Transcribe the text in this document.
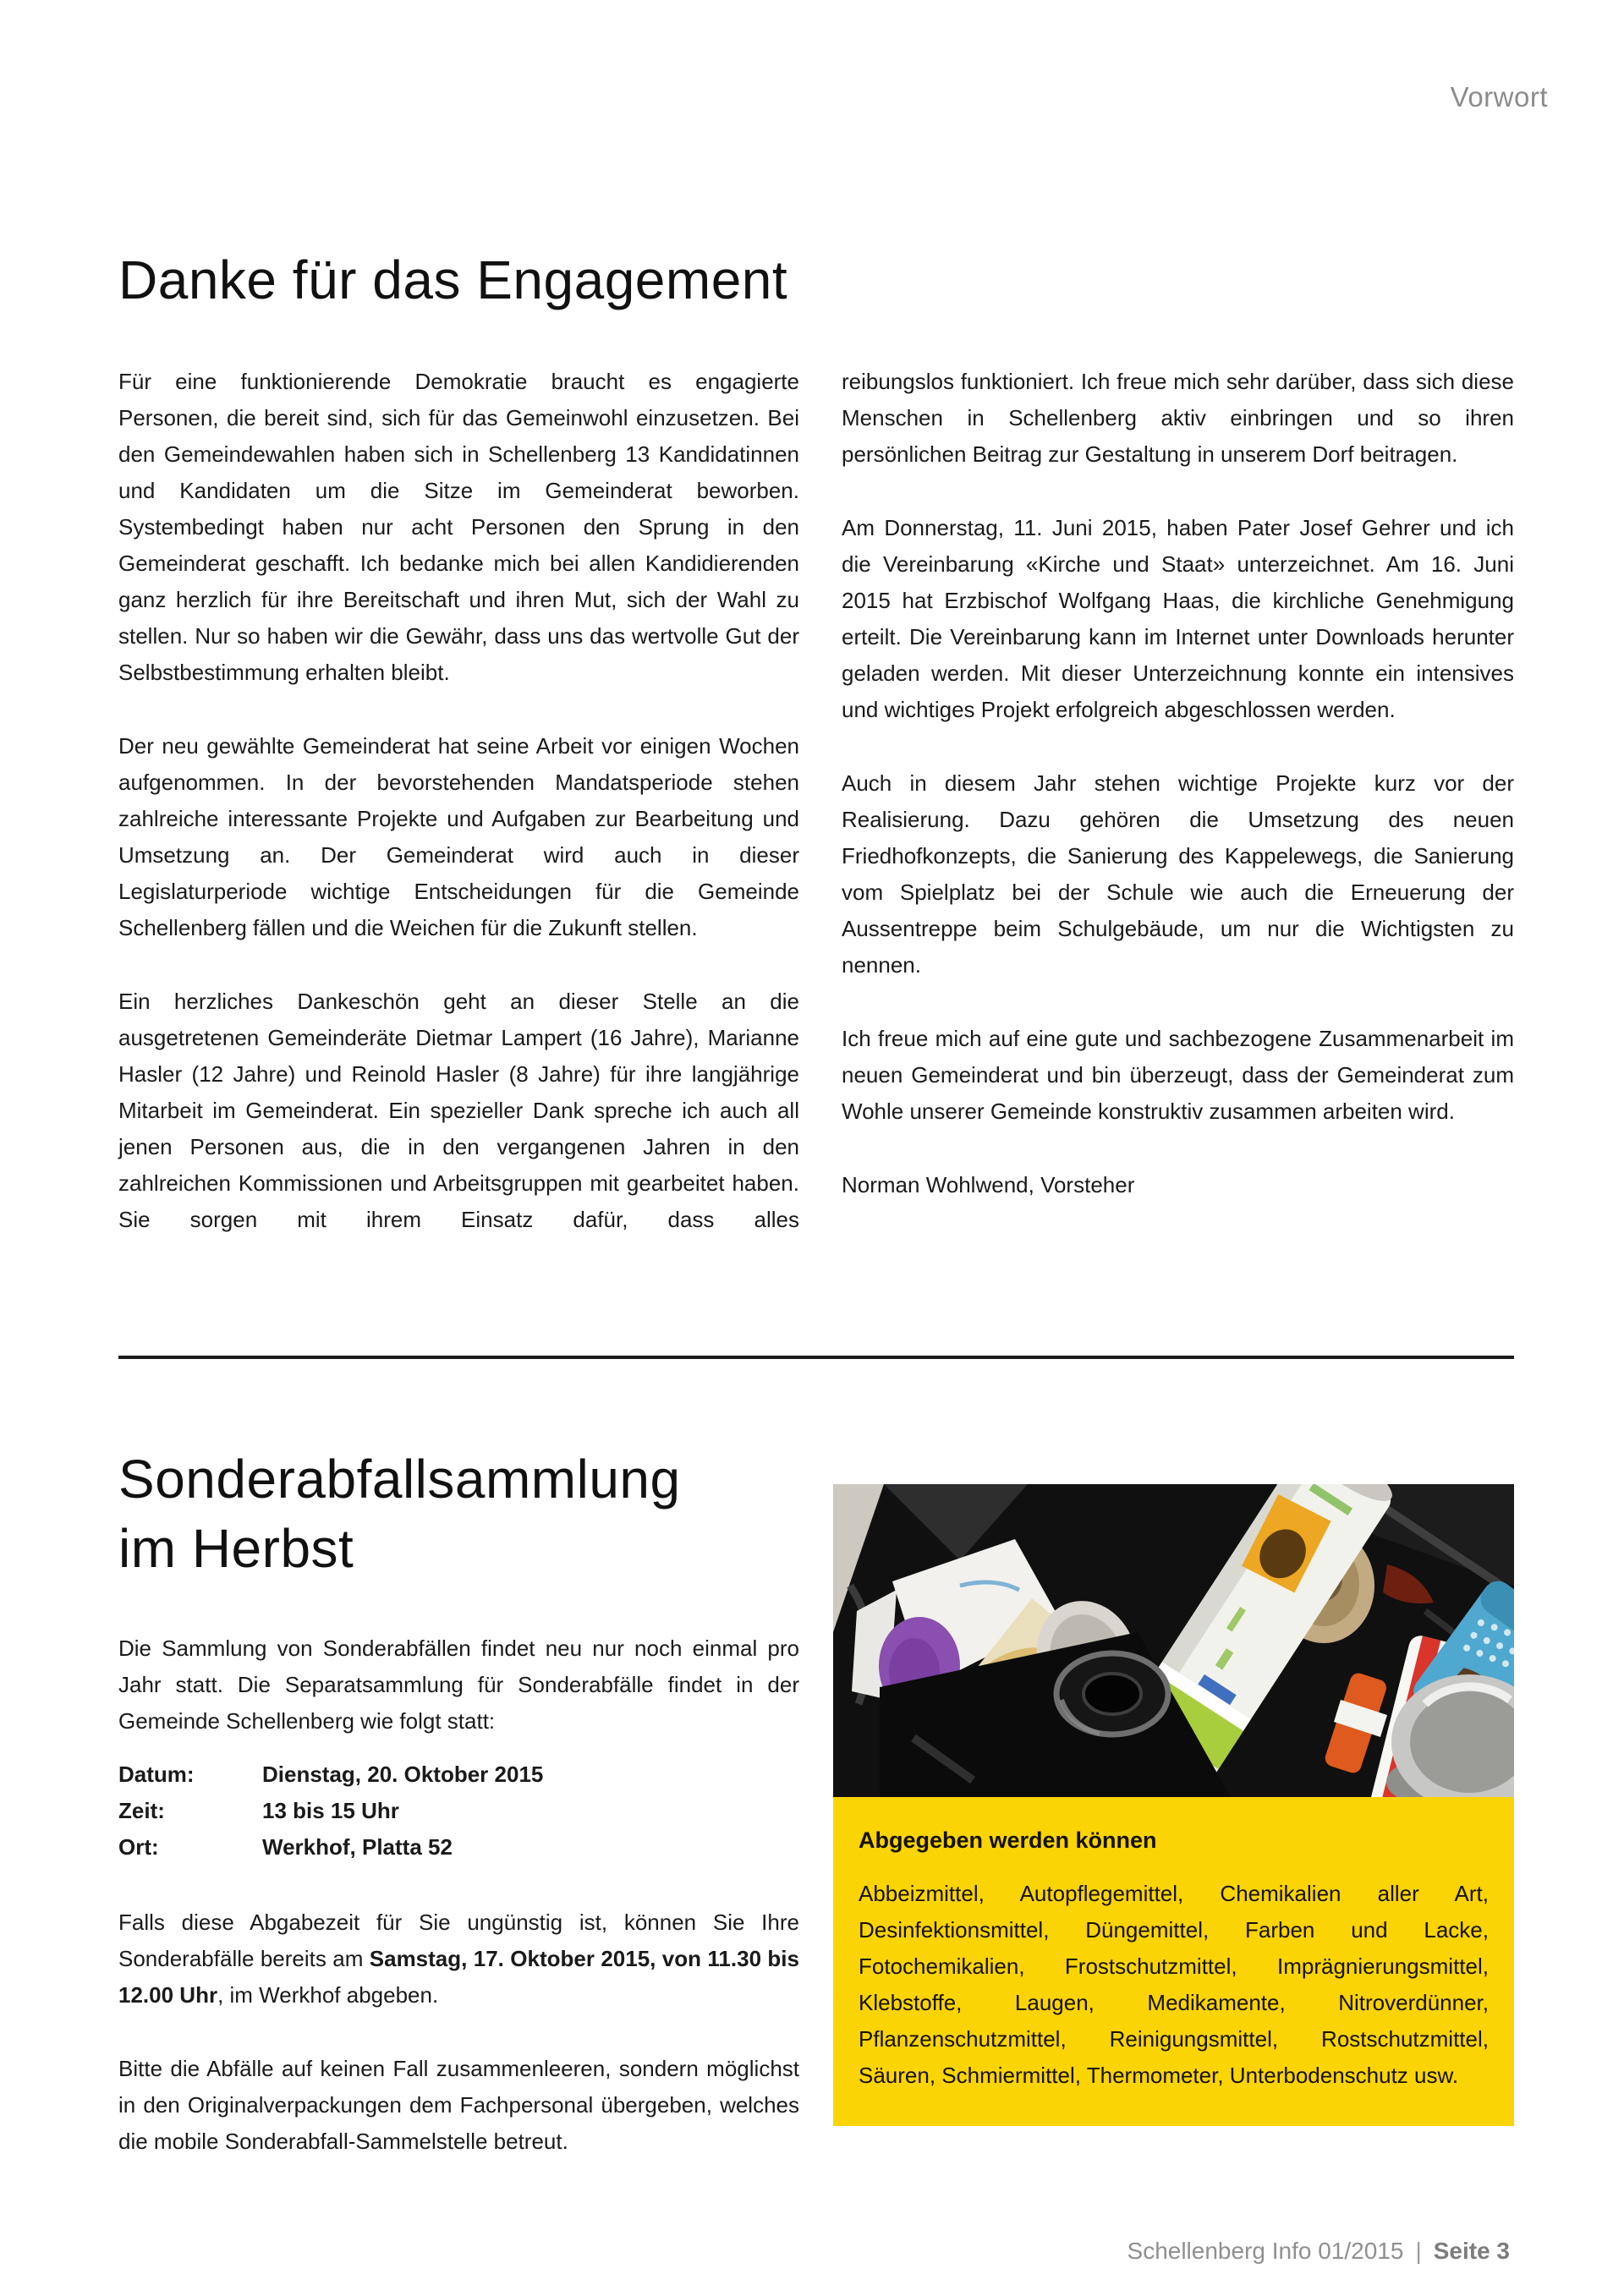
Vorwort
Danke für das Engagement

Für eine funktionierende Demokratie braucht es engagierte Personen, die bereit sind, sich für das Gemeinwohl einzusetzen. Bei den Gemeindewahlen haben sich in Schellenberg 13 Kandidatinnen und Kandidaten um die Sitze im Gemeinderat beworben. Systembedingt haben nur acht Personen den Sprung in den Gemeinderat geschafft. Ich bedanke mich bei allen Kandidierenden ganz herzlich für ihre Bereitschaft und ihren Mut, sich der Wahl zu stellen. Nur so haben wir die Gewähr, dass uns das wertvolle Gut der Selbstbestimmung erhalten bleibt.

Der neu gewählte Gemeinderat hat seine Arbeit vor einigen Wochen aufgenommen. In der bevorstehenden Mandatsperiode stehen zahlreiche interessante Projekte und Aufgaben zur Bearbeitung und Umsetzung an. Der Gemeinderat wird auch in dieser Legislaturperiode wichtige Entscheidungen für die Gemeinde Schellenberg fällen und die Weichen für die Zukunft stellen.

Ein herzliches Dankeschön geht an dieser Stelle an die ausgetretenen Gemeinderäte Dietmar Lampert (16 Jahre), Marianne Hasler (12 Jahre) und Reinold Hasler (8 Jahre) für ihre langjährige Mitarbeit im Gemeinderat. Ein spezieller Dank spreche ich auch all jenen Personen aus, die in den vergangenen Jahren in den zahlreichen Kommissionen und Arbeitsgruppen mit gearbeitet haben. Sie sorgen mit ihrem Einsatz dafür, dass alles

reibungslos funktioniert. Ich freue mich sehr darüber, dass sich diese Menschen in Schellenberg aktiv einbringen und so ihren persönlichen Beitrag zur Gestaltung in unserem Dorf beitragen.

Am Donnerstag, 11. Juni 2015, haben Pater Josef Gehrer und ich die Vereinbarung «Kirche und Staat» unterzeichnet. Am 16. Juni 2015 hat Erzbischof Wolfgang Haas, die kirchliche Genehmigung erteilt. Die Vereinbarung kann im Internet unter Downloads herunter geladen werden. Mit dieser Unterzeichnung konnte ein intensives und wichtiges Projekt erfolgreich abgeschlossen werden.

Auch in diesem Jahr stehen wichtige Projekte kurz vor der Realisierung. Dazu gehören die Umsetzung des neuen Friedhofkonzepts, die Sanierung des Kappelewegs, die Sanierung vom Spielplatz bei der Schule wie auch die Erneuerung der Aussentreppe beim Schulgebäude, um nur die Wichtigsten zu nennen.

Ich freue mich auf eine gute und sachbezogene Zusammenarbeit im neuen Gemeinderat und bin überzeugt, dass der Gemeinderat zum Wohle unserer Gemeinde konstruktiv zusammen arbeiten wird.

Norman Wohlwend, Vorsteher
Sonderabfallsammlung
im Herbst

Die Sammlung von Sonderabfällen findet neu nur noch einmal pro Jahr statt. Die Separatsammlung für Sonderabfälle findet in der Gemeinde Schellenberg wie folgt statt:

Datum:	Dienstag, 20. Oktober 2015
Zeit:	13 bis 15 Uhr
Ort:	Werkhof, Platta 52

Falls diese Abgabezeit für Sie ungünstig ist, können Sie Ihre Sonderabfälle bereits am Samstag, 17. Oktober 2015, von 11.30 bis 12.00 Uhr, im Werkhof abgeben.

Bitte die Abfälle auf keinen Fall zusammenleeren, sondern möglichst in den Originalverpackungen dem Fachpersonal übergeben, welches die mobile Sonderabfall-Sammelstelle betreut.

Abgegeben werden können

Abbeizmittel, Autopflegemittel, Chemikalien aller Art, Desinfektionsmittel, Düngemittel, Farben und Lacke, Fotochemikalien, Frostschutzmittel, Imprägnierungsmittel, Klebstoffe, Laugen, Medikamente, Nitroverdünner, Pflanzenschutzmittel, Reinigungsmittel, Rostschutzmittel, Säuren, Schmiermittel, Thermometer, Unterbodenschutz usw.

Schellenberg Info 01/2015 | Seite 3
